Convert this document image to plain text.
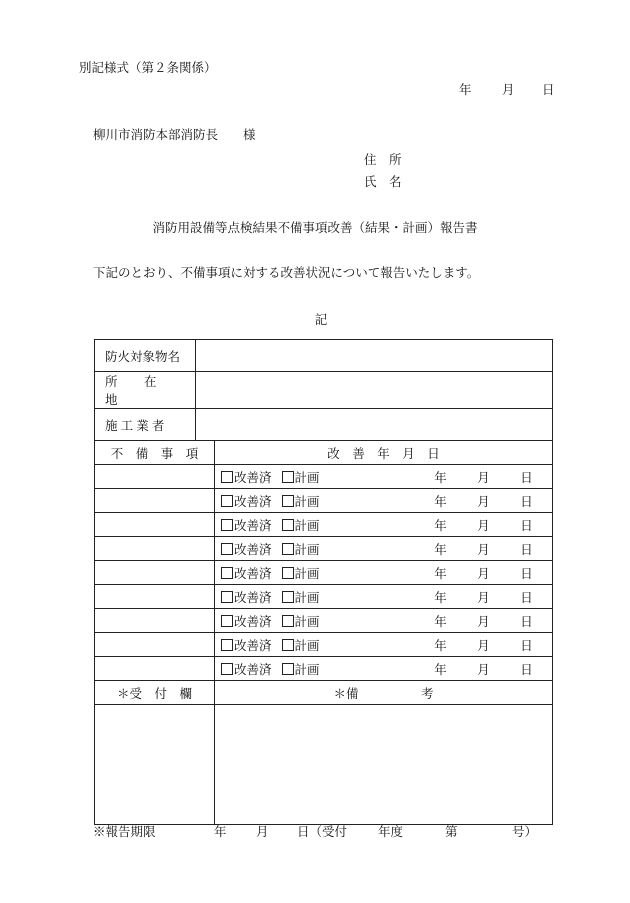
別記様式（第２条関係）
年 月 日
柳川市消防本部消防長　　様
住　所
氏　名
消防用設備等点検結果不備事項改善（結果・計画）報告書
下記のとおり、不備事項に対する改善状況について報告いたします。
記
防火対象物名		
所 在 地		
施工業者		
不　備　事　項		改　善　年　月　日

		改善済 計画 年 月 日

		改善済 計画 年 月 日

		改善済 計画 年 月 日

		改善済 計画 年 月 日

		改善済 計画 年 月 日

		改善済 計画 年 月 日

		改善済 計画 年 月 日

		改善済 計画 年 月 日

		改善済 計画 年 月 日

＊受　付　欄		＊備　　　　　考

※報告期限	年 月 日（受付 年度	第	号）
